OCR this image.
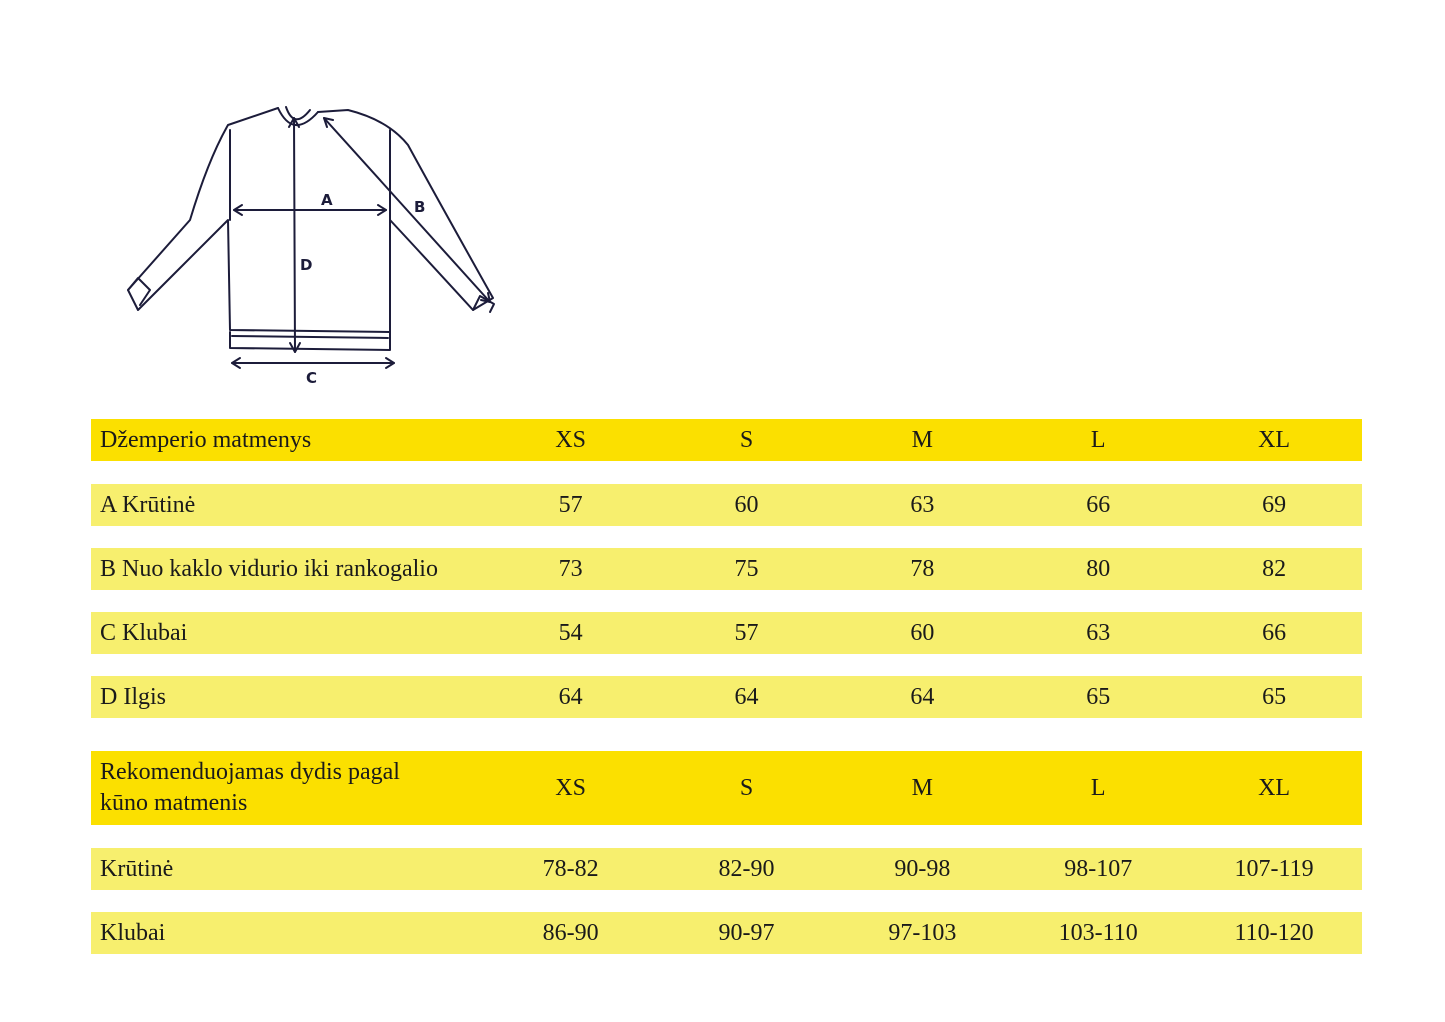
A	B
D
C
Džemperio matmenys	XS	S	M	L	XL
A Krūtinė	57	60	63	66	69
B Nuo kaklo vidurio iki rankogalio	73	75	78	80	82
C Klubai	54	57	60	63	66
D Ilgis	64	64	64	65	65
Rekomenduojamas dydis pagal
kūno matmenis
XS	S	M	L	XL
Krūtinė	78-82	82-90	90-98	98-107	107-119
Klubai	86-90	90-97	97-103	103-110	110-120
